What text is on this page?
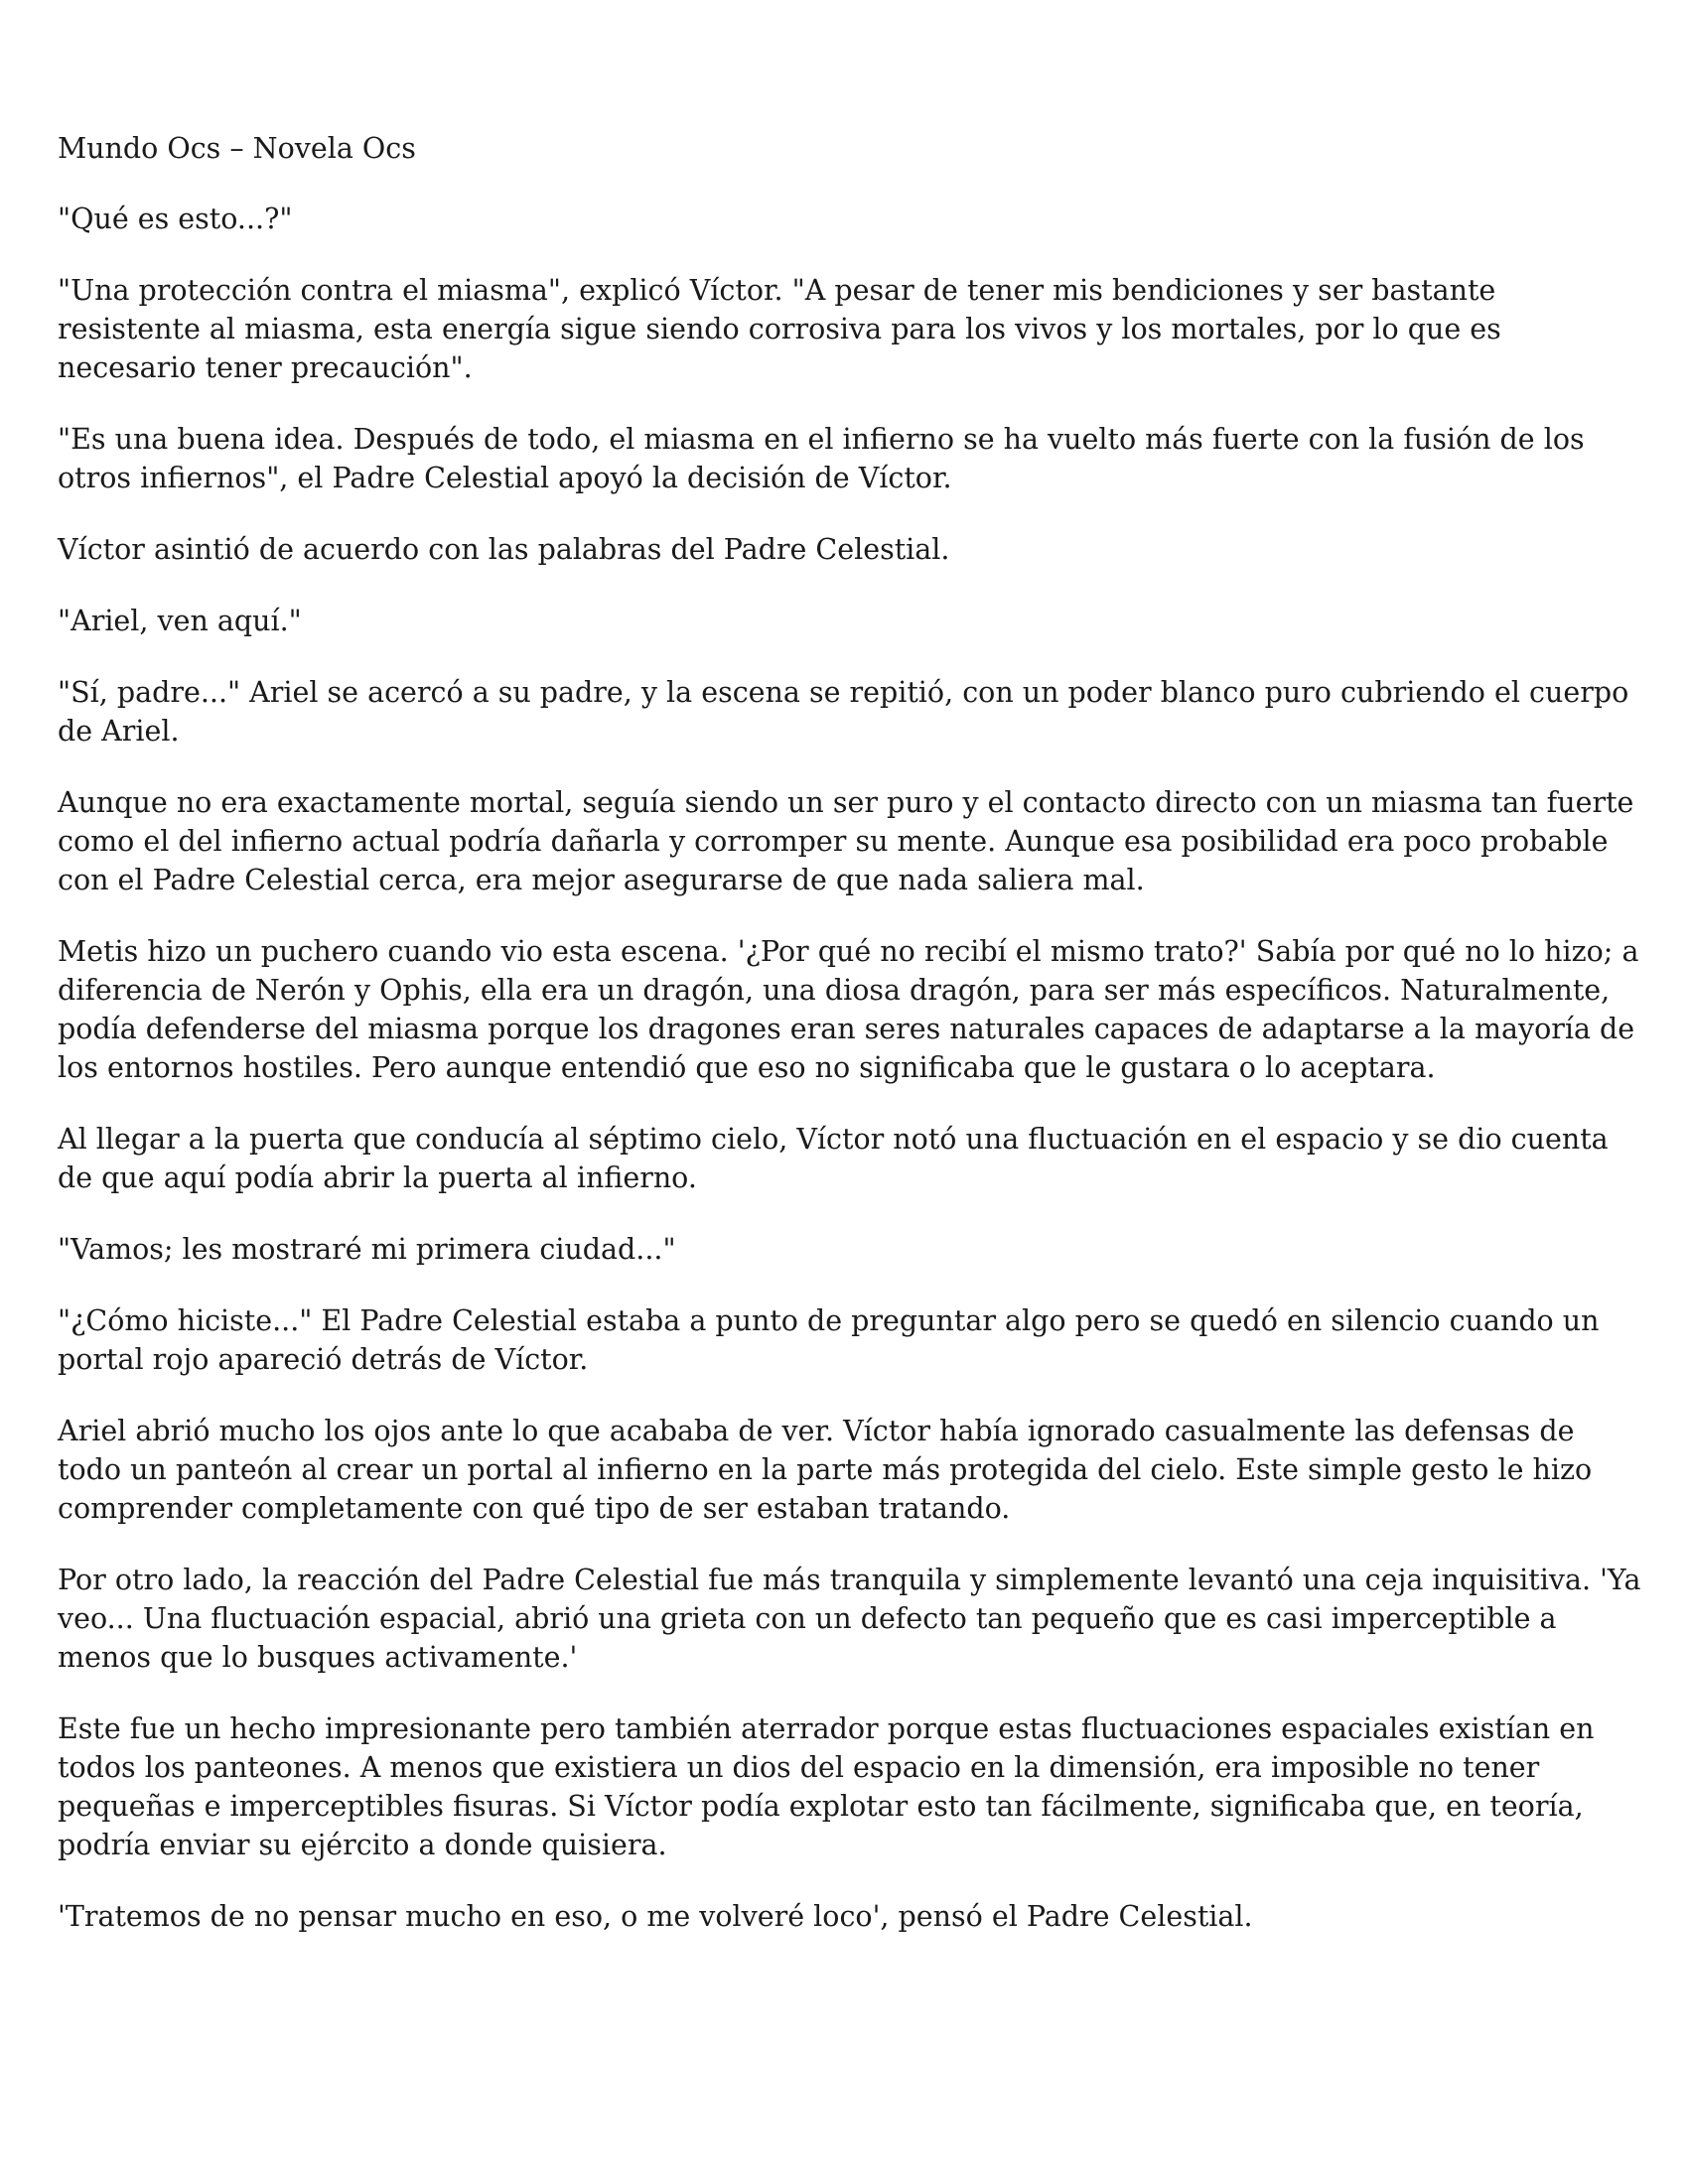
Mundo Ocs – Novela Ocs

"Qué es esto...?"

"Una protección contra el miasma", explicó Víctor. "A pesar de tener mis bendiciones y ser bastante resistente al miasma, esta energía sigue siendo corrosiva para los vivos y los mortales, por lo que es necesario tener precaución".

"Es una buena idea. Después de todo, el miasma en el infierno se ha vuelto más fuerte con la fusión de los otros infiernos", el Padre Celestial apoyó la decisión de Víctor.

Víctor asintió de acuerdo con las palabras del Padre Celestial.

"Ariel, ven aquí."

"Sí, padre..." Ariel se acercó a su padre, y la escena se repitió, con un poder blanco puro cubriendo el cuerpo de Ariel.

Aunque no era exactamente mortal, seguía siendo un ser puro y el contacto directo con un miasma tan fuerte como el del infierno actual podría dañarla y corromper su mente. Aunque esa posibilidad era poco probable con el Padre Celestial cerca, era mejor asegurarse de que nada saliera mal.

Metis hizo un puchero cuando vio esta escena. '¿Por qué no recibí el mismo trato?' Sabía por qué no lo hizo; a diferencia de Nerón y Ophis, ella era un dragón, una diosa dragón, para ser más específicos. Naturalmente, podía defenderse del miasma porque los dragones eran seres naturales capaces de adaptarse a la mayoría de los entornos hostiles. Pero aunque entendió que eso no significaba que le gustara o lo aceptara.

Al llegar a la puerta que conducía al séptimo cielo, Víctor notó una fluctuación en el espacio y se dio cuenta de que aquí podía abrir la puerta al infierno.

"Vamos; les mostraré mi primera ciudad..."

"¿Cómo hiciste..." El Padre Celestial estaba a punto de preguntar algo pero se quedó en silencio cuando un portal rojo apareció detrás de Víctor.

Ariel abrió mucho los ojos ante lo que acababa de ver. Víctor había ignorado casualmente las defensas de todo un panteón al crear un portal al infierno en la parte más protegida del cielo. Este simple gesto le hizo comprender completamente con qué tipo de ser estaban tratando.

Por otro lado, la reacción del Padre Celestial fue más tranquila y simplemente levantó una ceja inquisitiva. 'Ya veo... Una fluctuación espacial, abrió una grieta con un defecto tan pequeño que es casi imperceptible a menos que lo busques activamente.'

Este fue un hecho impresionante pero también aterrador porque estas fluctuaciones espaciales existían en todos los panteones. A menos que existiera un dios del espacio en la dimensión, era imposible no tener pequeñas e imperceptibles fisuras. Si Víctor podía explotar esto tan fácilmente, significaba que, en teoría, podría enviar su ejército a donde quisiera.

'Tratemos de no pensar mucho en eso, o me volveré loco', pensó el Padre Celestial.
